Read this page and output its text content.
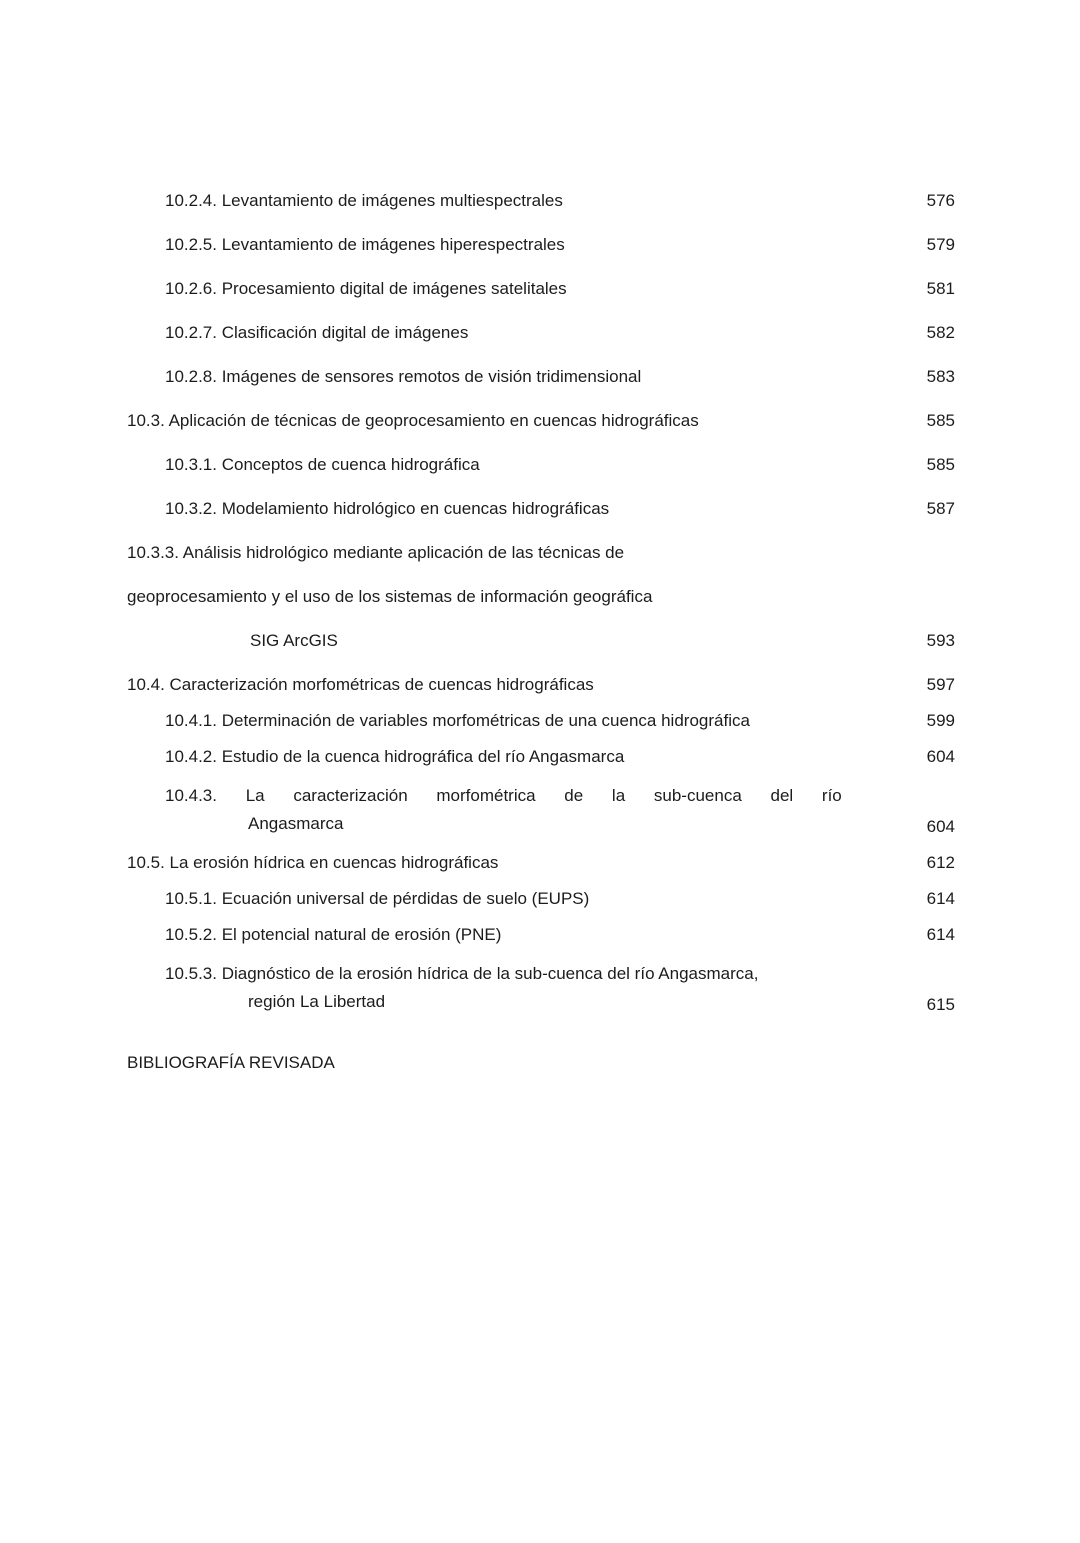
10.2.4. Levantamiento de imágenes multiespectrales	576
10.2.5. Levantamiento de imágenes hiperespectrales	579
10.2.6. Procesamiento digital de imágenes satelitales	581
10.2.7. Clasificación digital de imágenes	582
10.2.8. Imágenes de sensores remotos de visión tridimensional	583
10.3. Aplicación de técnicas de geoprocesamiento en cuencas hidrográficas	585
10.3.1. Conceptos de cuenca hidrográfica	585
10.3.2. Modelamiento hidrológico en cuencas hidrográficas	587
10.3.3. Análisis hidrológico mediante aplicación de las técnicas de
geoprocesamiento y el uso de los sistemas de información geográfica
SIG ArcGIS	593
10.4. Caracterización morfométricas de cuencas hidrográficas	597
10.4.1. Determinación de variables morfométricas de una cuenca hidrográfica	599
10.4.2. Estudio de la cuenca hidrográfica del río Angasmarca	604
10.4.3. La caracterización morfométrica de la sub-cuenca del río
Angasmarca	604
10.5. La erosión hídrica en cuencas hidrográficas	612
10.5.1. Ecuación universal de pérdidas de suelo (EUPS)	614
10.5.2. El potencial natural de erosión (PNE)	614
10.5.3. Diagnóstico de la erosión hídrica de la sub-cuenca del río Angasmarca,
región La Libertad	615
BIBLIOGRAFÍA REVISADA
